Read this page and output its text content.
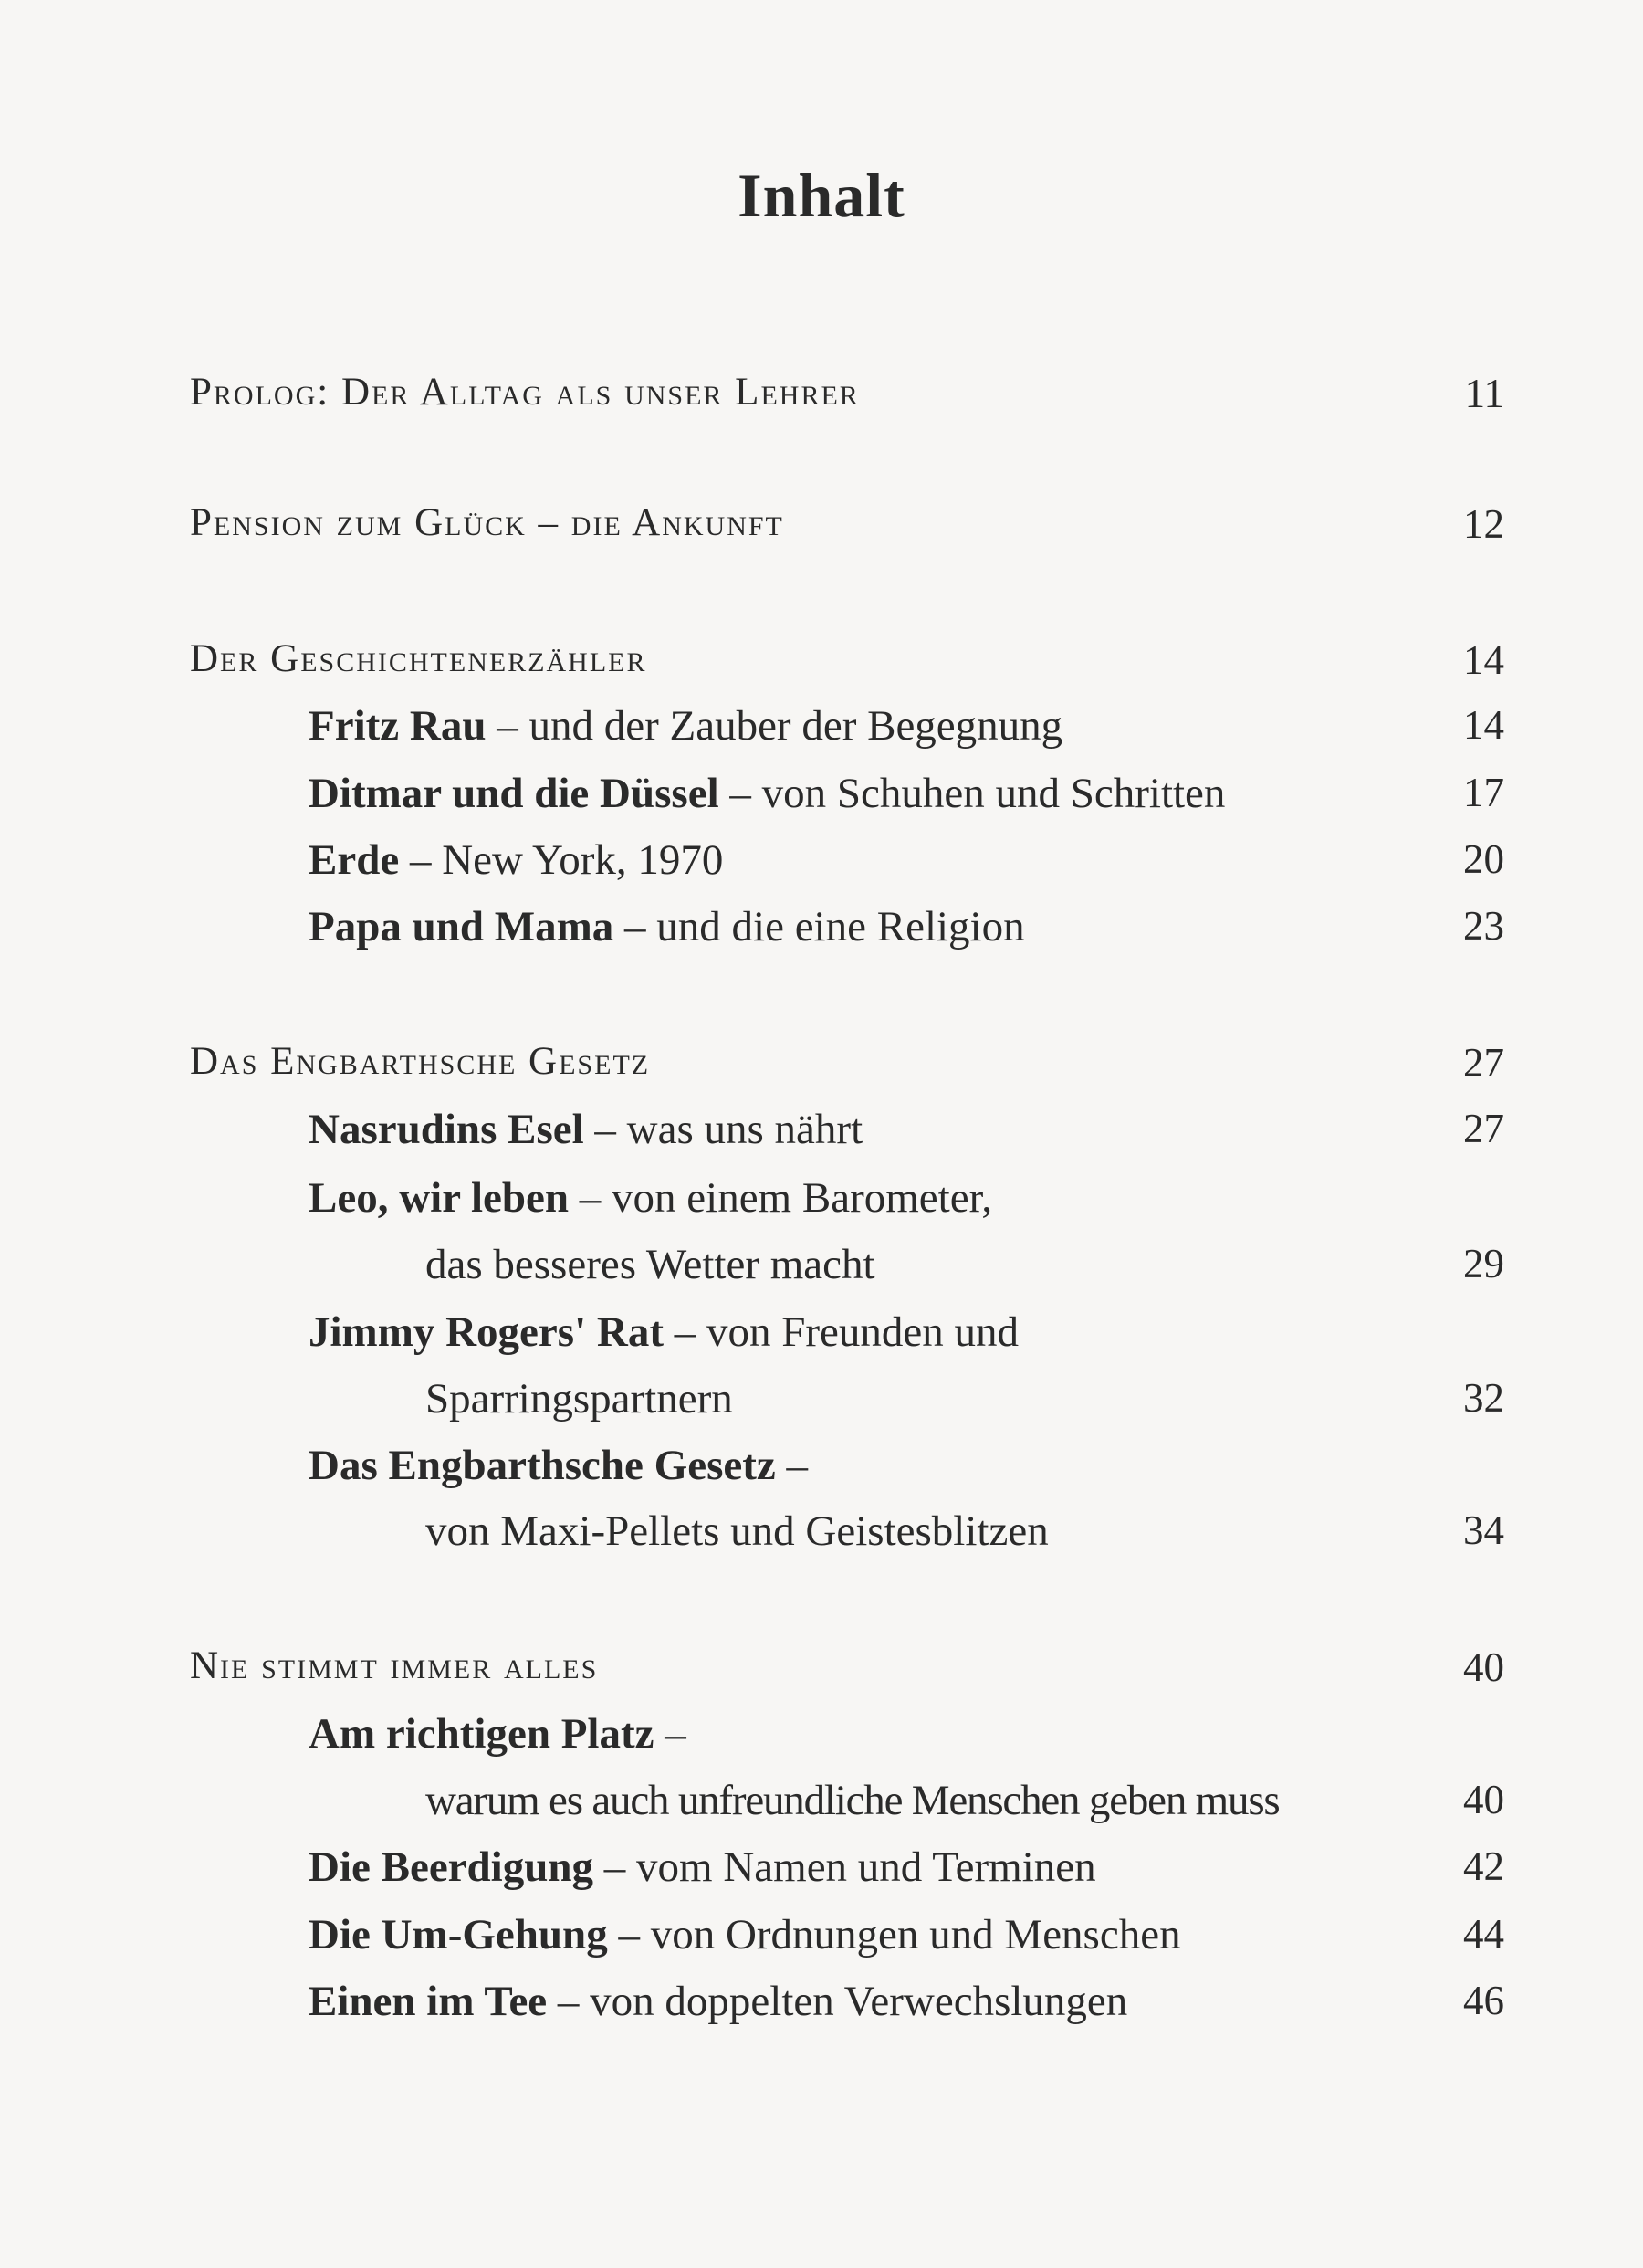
Inhalt
Prolog: Der Alltag als unser Lehrer	11
Pension zum Glück – die Ankunft	12
Der Geschichtenerzähler	14
Fritz Rau – und der Zauber der Begegnung	14
Ditmar und die Düssel – von Schuhen und Schritten	17
Erde – New York, 1970	20
Papa und Mama – und die eine Religion	23
Das Engbarthsche Gesetz	27
Nasrudins Esel – was uns nährt	27
Leo, wir leben – von einem Barometer,
das besseres Wetter macht	29
Jimmy Rogers' Rat – von Freunden und
Sparringspartnern	32
Das Engbarthsche Gesetz –
von Maxi-Pellets und Geistesblitzen	34
Nie stimmt immer alles	40
Am richtigen Platz –
warum es auch unfreundliche Menschen geben muss	40
Die Beerdigung – vom Namen und Terminen	42
Die Um-Gehung – von Ordnungen und Menschen	44
Einen im Tee – von doppelten Verwechslungen	46
